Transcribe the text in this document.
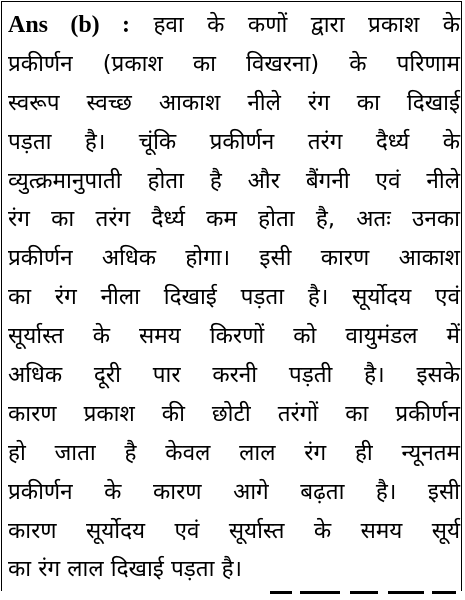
Ans (b) : हवा के कणों द्वारा प्रकाश के
प्रकीर्णन (प्रकाश का विखरना) के परिणाम
स्वरूप स्वच्छ आकाश नीले रंग का दिखाई
पड़ता है। चूंकि प्रकीर्णन तरंग दैर्ध्य के
व्युत्क्रमानुपाती होता है और बैंगनी एवं नीले
रंग का तरंग दैर्ध्य कम होता है, अतः उनका
प्रकीर्णन अधिक होगा। इसी कारण आकाश
का रंग नीला दिखाई पड़ता है। सूर्योदय एवं
सूर्यास्त के समय किरणों को वायुमंडल में
अधिक दूरी पार करनी पड़ती है। इसके
कारण प्रकाश की छोटी तरंगों का प्रकीर्णन
हो जाता है केवल लाल रंग ही न्यूनतम
प्रकीर्णन के कारण आगे बढ़ता है। इसी
कारण सूर्योदय एवं सूर्यास्त के समय सूर्य
का रंग लाल दिखाई पड़ता है।
